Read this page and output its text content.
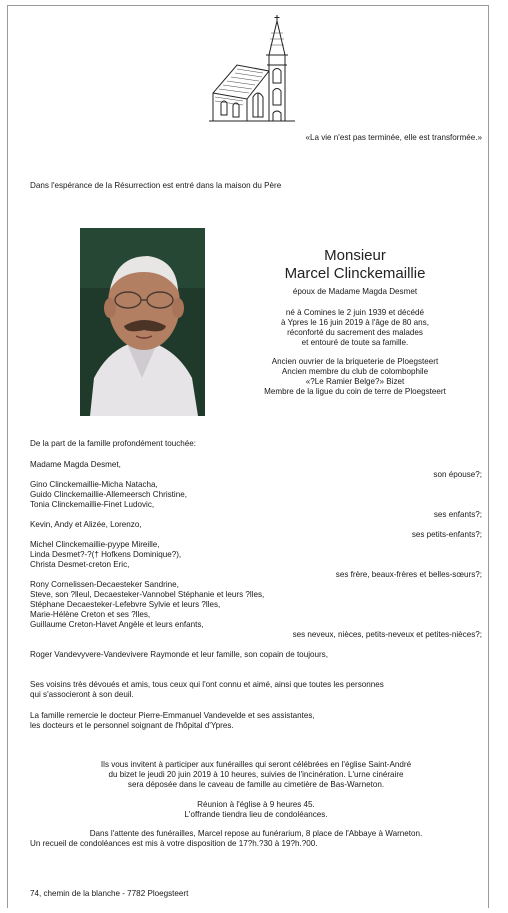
«La vie n'est pas terminée, elle est transformée.»
Dans l'espérance de la Résurrection est entré dans la maison du Père
Monsieur
Marcel Clinckemaillie
époux de Madame Magda Desmet
né à Comines le 2 juin 1939 et décédé
à Ypres le 16 juin 2019 à l'âge de 80 ans,
réconforté du sacrement des malades
et entouré de toute sa famille.
Ancien ouvrier de la briqueterie de Ploegsteert
Ancien membre du club de colombophile
«?Le Ramier Belge?» Bizet
Membre de la ligue du coin de terre de Ploegsteert
De la part de la famille profondément touchée:
Madame Magda Desmet,
son épouse?;
Gino Clinckemaillie-Micha Natacha,
Guido Clinckemaillie-Allemeersch Christine,
Tonia Clinckemaillie-Finet Ludovic,
ses enfants?;
Kevin, Andy et Alizée, Lorenzo,
ses petits-enfants?;
Michel Clinckemaillie-pyype Mireille,
Linda Desmet?-?(† Hofkens Dominique?),
Christa Desmet-creton Eric,
ses frère, beaux-frères et belles-sœurs?;
Rony Cornelissen-Decaesteker Sandrine,
Steve, son ?lleul, Decaesteker-Vannobel Stéphanie et leurs ?lles,
Stéphane Decaesteker-Lefebvre Sylvie et leurs ?lles,
Marie-Hélène Creton et ses ?lles,
Guillaume Creton-Havet Angèle et leurs enfants,
ses neveux, nièces, petits-neveux et petites-nièces?;
Roger Vandevyvere-Vandevivere Raymonde et leur famille, son copain de toujours,
Ses voisins très dévoués et amis, tous ceux qui l'ont connu et aimé, ainsi que toutes les personnes
qui s'associeront à son deuil.
La famille remercie le docteur Pierre-Emmanuel Vandevelde et ses assistantes,
les docteurs et le personnel soignant de l'hôpital d'Ypres.
Ils vous invitent à participer aux funérailles qui seront célébrées en l'église Saint-André
du bizet le jeudi 20 juin 2019 à 10 heures, suivies de l'incinération. L'urne cinéraire
sera déposée dans le caveau de famille au cimetière de Bas-Warneton.
Réunion à l'église à 9 heures 45.
L'offrande tiendra lieu de condoléances.
Dans l'attente des funérailles, Marcel repose au funérarium, 8 place de l'Abbaye à Warneton.
Un recueil de condoléances est mis à votre disposition de 17?h.?30 à 19?h.?00.
74, chemin de la blanche - 7782 Ploegsteert
